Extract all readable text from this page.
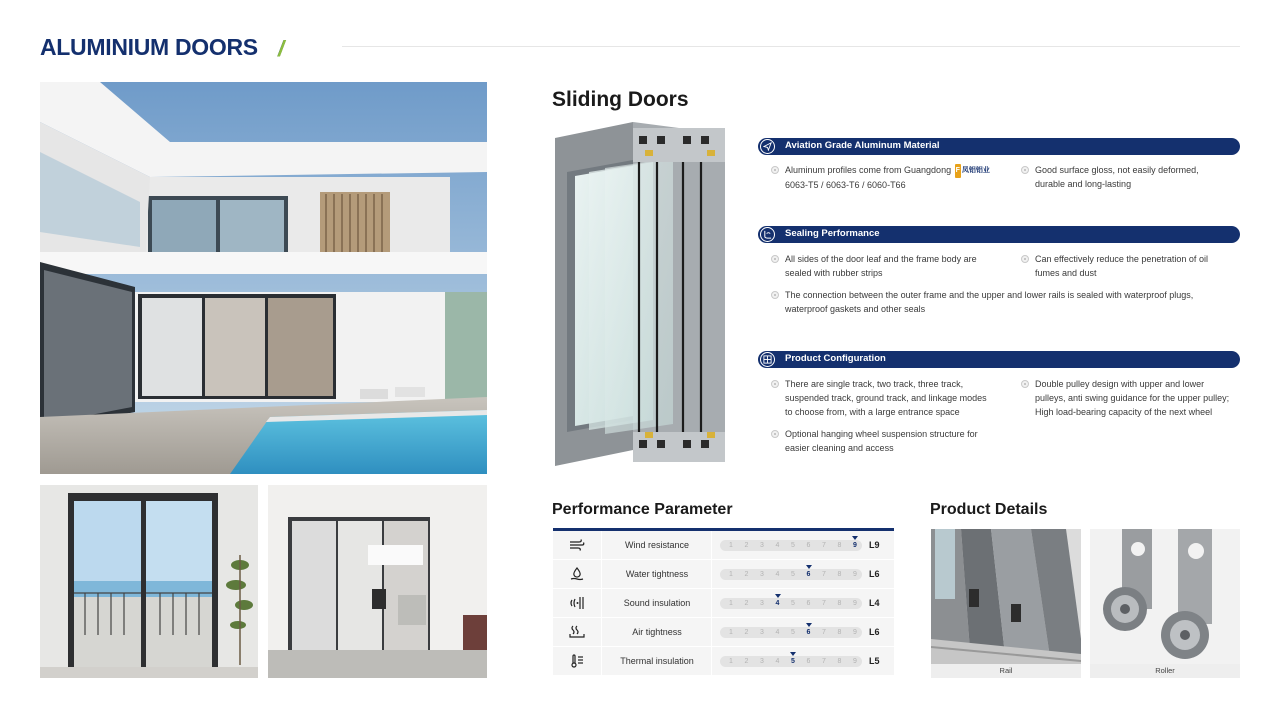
ALUMINIUM DOORS //
Sliding Doors
Aviation Grade Aluminum Material
Aluminum profiles come from Guangdong F 凤铝铝业
6063-T5 / 6063-T6 / 6060-T66
Good surface gloss, not easily deformed,
durable and long-lasting
Sealing Performance
All sides of the door leaf and the frame body are
sealed with rubber strips
Can effectively reduce the penetration of oil
fumes and dust
The connection between the outer frame and the upper and lower rails is sealed with waterproof plugs,
waterproof gaskets and other seals
Product Configuration
There are single track, two track, three track,
suspended track, ground track, and linkage modes
to choose from, with a large entrance space
Double pulley design with upper and lower
pulleys, anti swing guidance for the upper pulley;
High load-bearing capacity of the next wheel
Optional hanging wheel suspension structure for
easier cleaning and access
Performance Parameter
Wind resistance	1	2	3	4	5	6	7	8	9	L9
Water tightness	1	2	3	4	5	6	7	8	9	L6
Sound insulation	1	2	3	4	5	6	7	8	9	L4
Air tightness	1	2	3	4	5	6	7	8	9	L6
Thermal insulation	1	2	3	4	5	6	7	8	9	L5
Product Details
Rail	Roller
